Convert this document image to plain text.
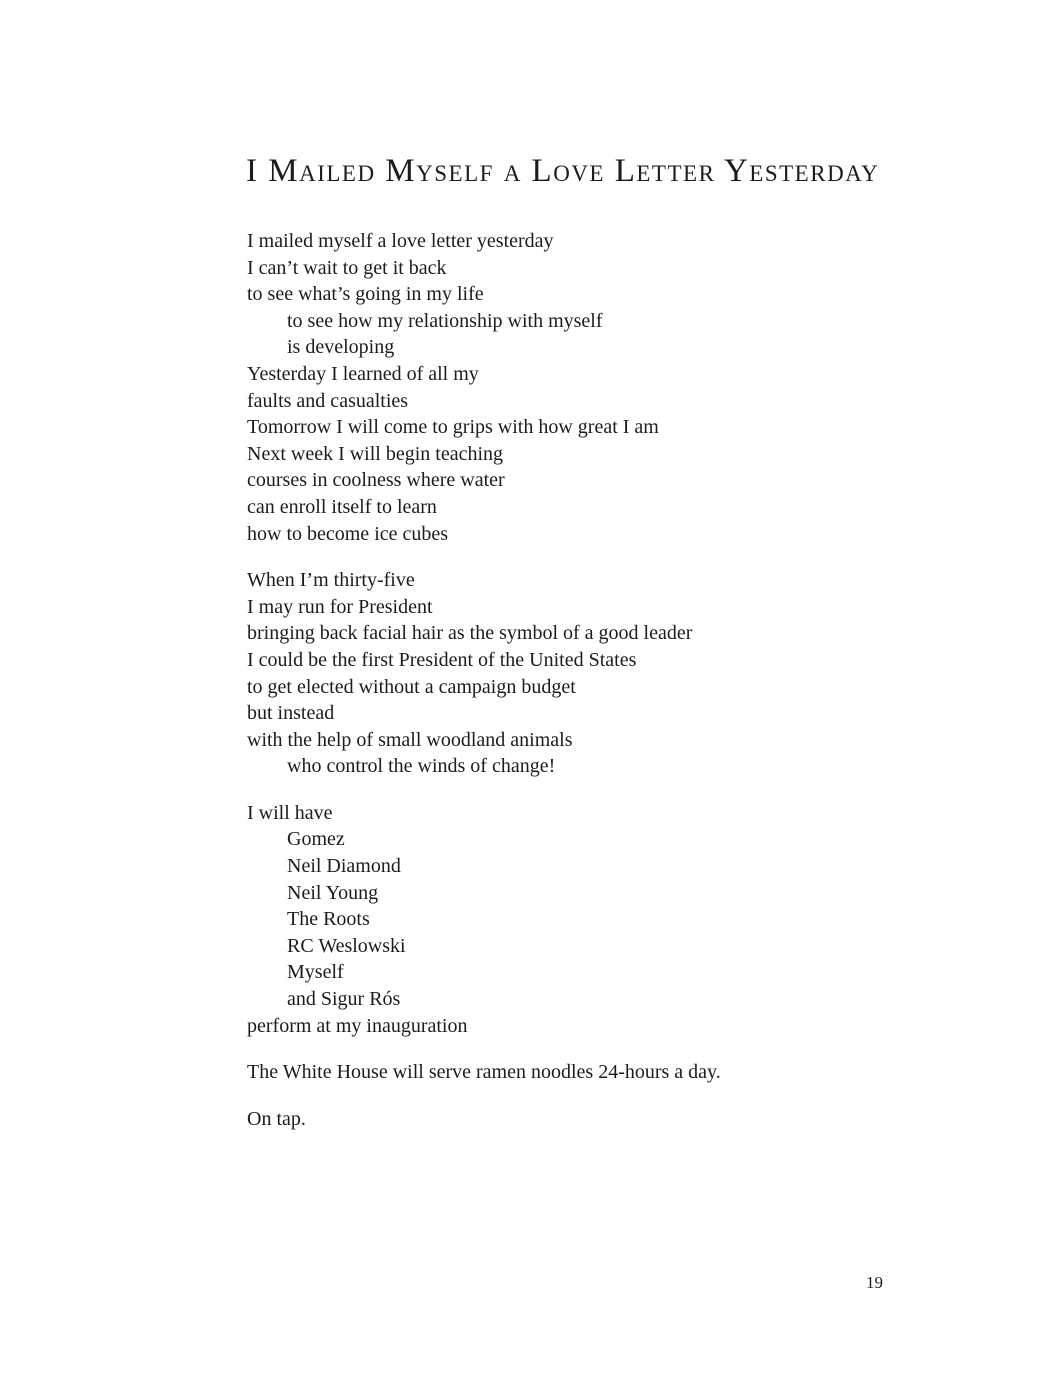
I Mailed Myself a Love Letter Yesterday
I mailed myself a love letter yesterday
I can’t wait to get it back
to see what’s going in my life
to see how my relationship with myself
is developing
Yesterday I learned of all my
faults and casualties
Tomorrow I will come to grips with how great I am
Next week I will begin teaching
courses in coolness where water
can enroll itself to learn
how to become ice cubes
When I’m thirty-five
I may run for President
bringing back facial hair as the symbol of a good leader
I could be the first President of the United States
to get elected without a campaign budget
but instead
with the help of small woodland animals
who control the winds of change!
I will have
Gomez
Neil Diamond
Neil Young
The Roots
RC Weslowski
Myself
and Sigur Rós
perform at my inauguration
The White House will serve ramen noodles 24-hours a day.
On tap.
19
